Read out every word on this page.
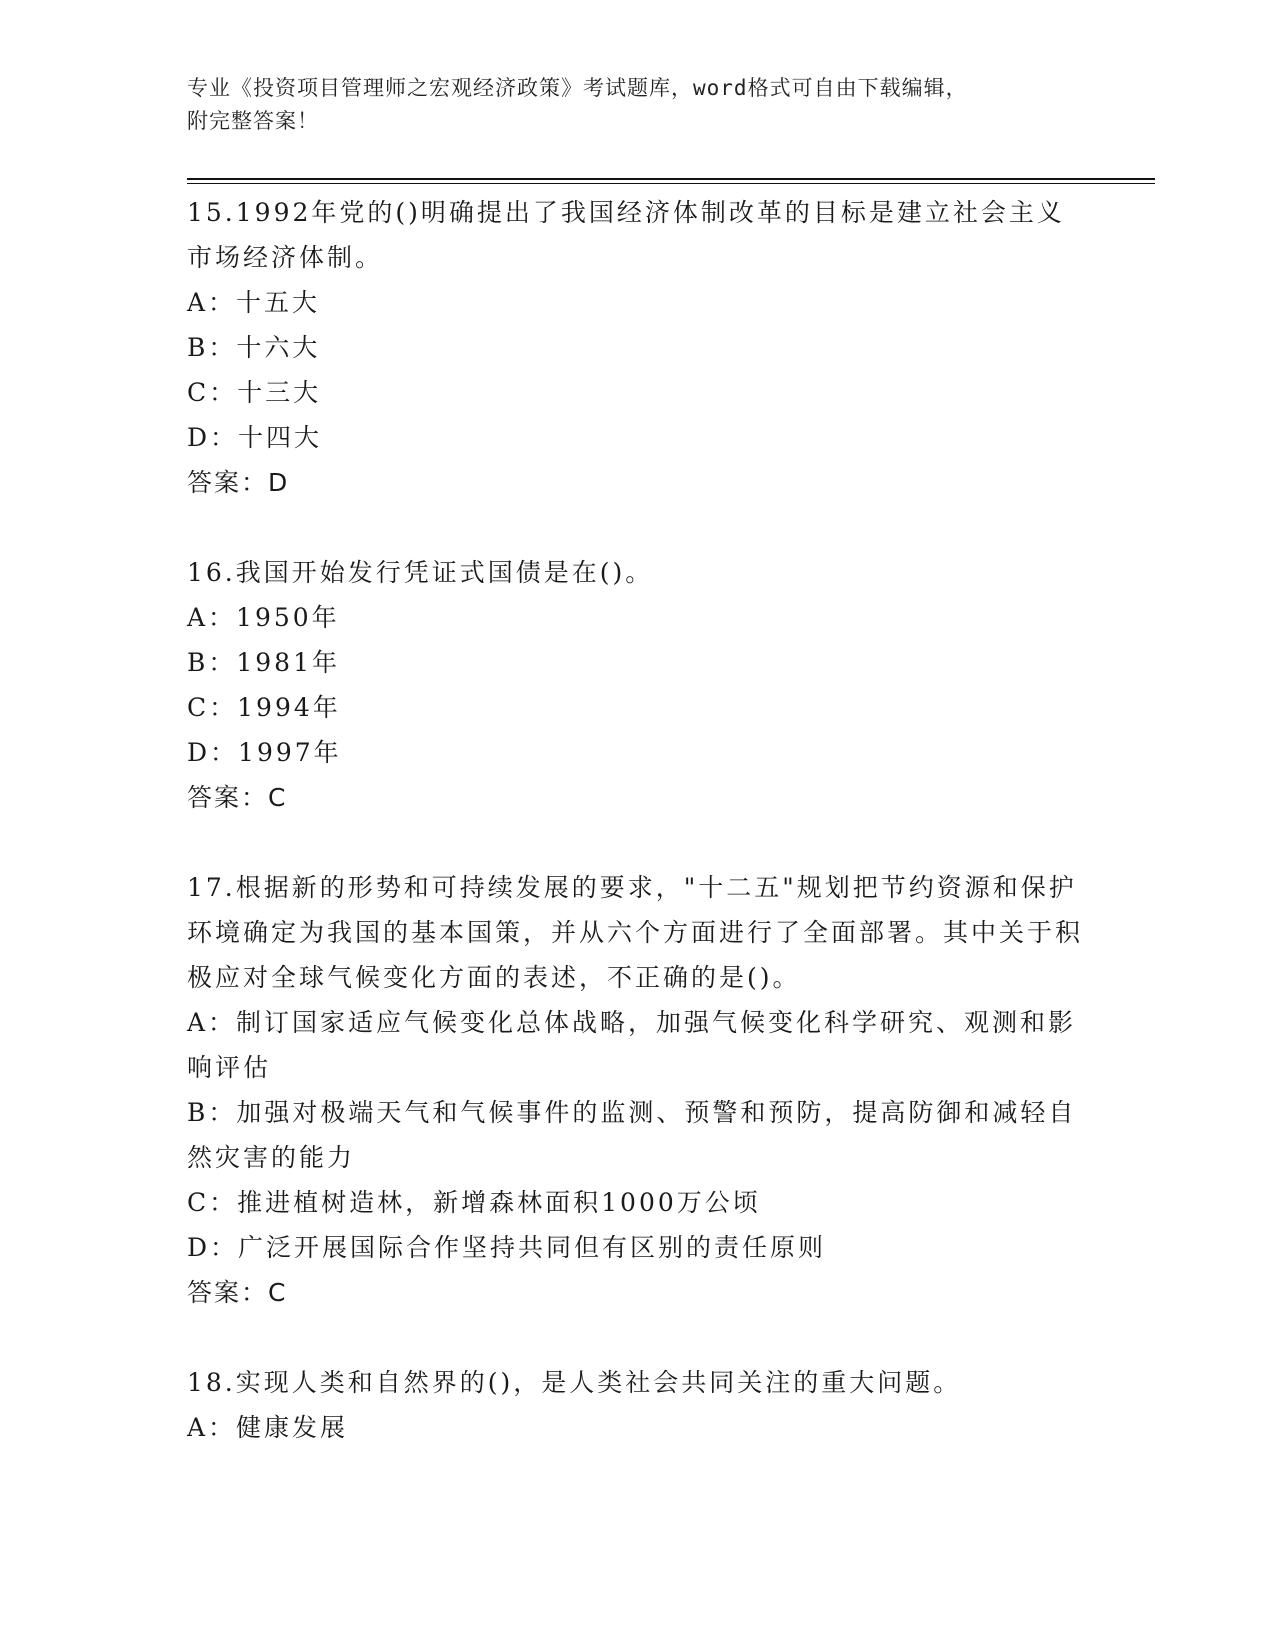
专业《投资项目管理师之宏观经济政策》考试题库，word格式可自由下载编辑，
附完整答案！

15.1992年党的()明确提出了我国经济体制改革的目标是建立社会主义市场经济体制。

A：十五大

B：十六大

C：十三大

D：十四大

答案：D

16.我国开始发行凭证式国债是在()。

A：1950年

B：1981年

C：1994年

D：1997年

答案：C

17.根据新的形势和可持续发展的要求，"十二五"规划把节约资源和保护环境确定为我国的基本国策，并从六个方面进行了全面部署。其中关于积极应对全球气候变化方面的表述，不正确的是()。

A：制订国家适应气候变化总体战略，加强气候变化科学研究、观测和影响评估

B：加强对极端天气和气候事件的监测、预警和预防，提高防御和减轻自然灾害的能力

C：推进植树造林，新增森林面积1000万公顷

D：广泛开展国际合作坚持共同但有区别的责任原则

答案：C

18.实现人类和自然界的()，是人类社会共同关注的重大问题。

A：健康发展
